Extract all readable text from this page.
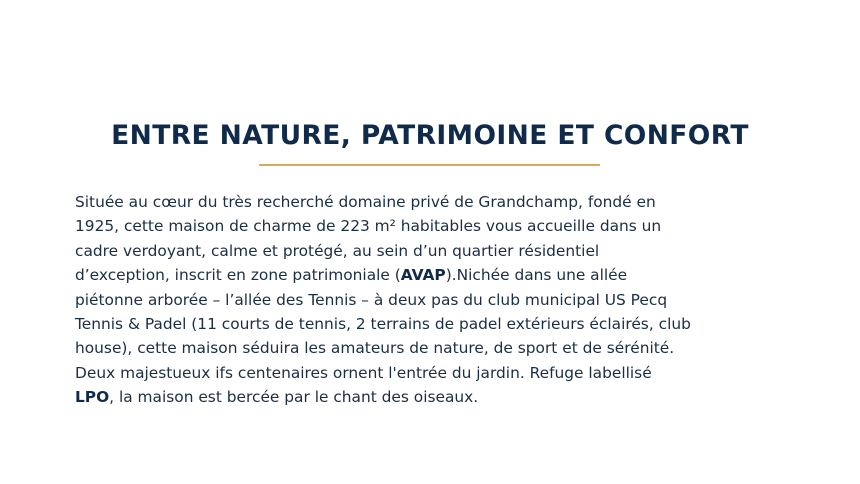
ENTRE NATURE, PATRIMOINE ET CONFORT

Située au cœur du très recherché domaine privé de Grandchamp, fondé en
1925, cette maison de charme de 223 m² habitables vous accueille dans un
cadre verdoyant, calme et protégé, au sein d’un quartier résidentiel
d’exception, inscrit en zone patrimoniale (AVAP).Nichée dans une allée
piétonne arborée – l’allée des Tennis – à deux pas du club municipal US Pecq
Tennis & Padel (11 courts de tennis, 2 terrains de padel extérieurs éclairés, club
house), cette maison séduira les amateurs de nature, de sport et de sérénité.
Deux majestueux ifs centenaires ornent l'entrée du jardin. Refuge labellisé
LPO, la maison est bercée par le chant des oiseaux.
